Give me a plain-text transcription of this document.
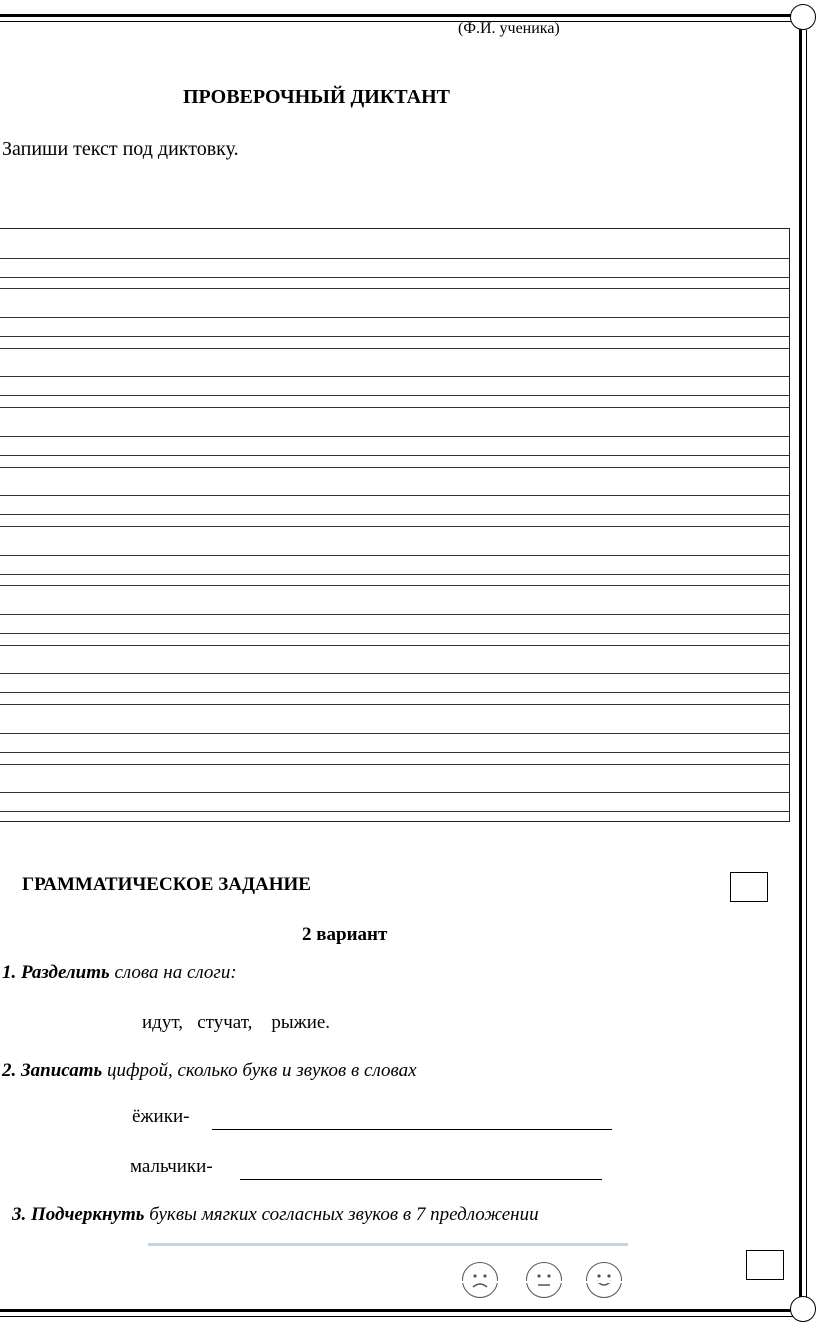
(Ф.И. ученика)
ПРОВЕРОЧНЫЙ ДИКТАНТ
Запиши текст под диктовку.
ГРАММАТИЧЕСКОЕ ЗАДАНИЕ
2 вариант
1. Разделить слова на слоги:
идут,   стучат,    рыжие.
2. Записать цифрой, сколько букв и звуков в словах
ёжики-
мальчики-
3. Подчеркнуть буквы мягких согласных звуков в 7 предложении
